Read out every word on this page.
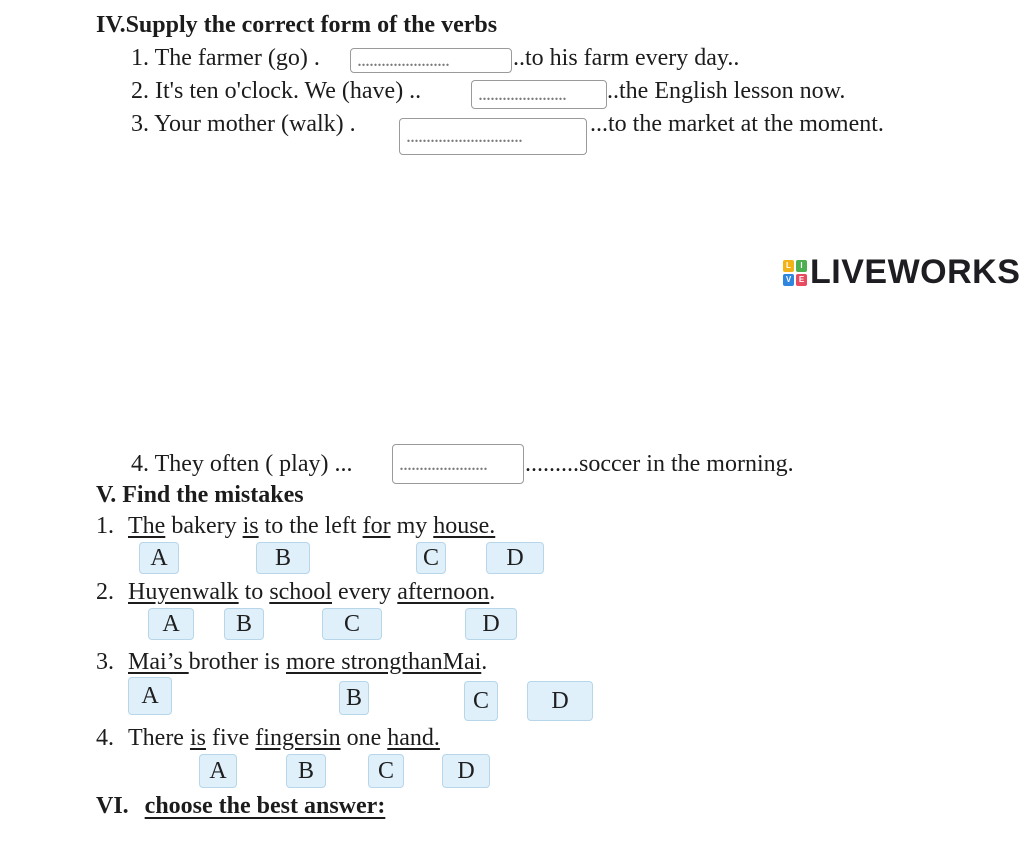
IV.Supply the correct form of the verbs
1. The farmer (go) .
.......................	..to his farm every day..
2. It's ten o'clock. We (have) ..
......................	..the English lesson now.
3. Your mother (walk) .
.............................	...to the market at the moment.
L	I
V E LIVEWORKS
4. They often ( play) ...
......................	.........soccer in the morning.
V. Find the mistakes
1. The bakery is to the left for my house.
A	B	C	D
2. Huyenwalk to school every afternoon.
A	B	C	D
3. Mai’s brother is more strongthanMai.
A	B	C	D
4. There is five fingersin one hand.
A	B	C	D
VI. choose the best answer:
